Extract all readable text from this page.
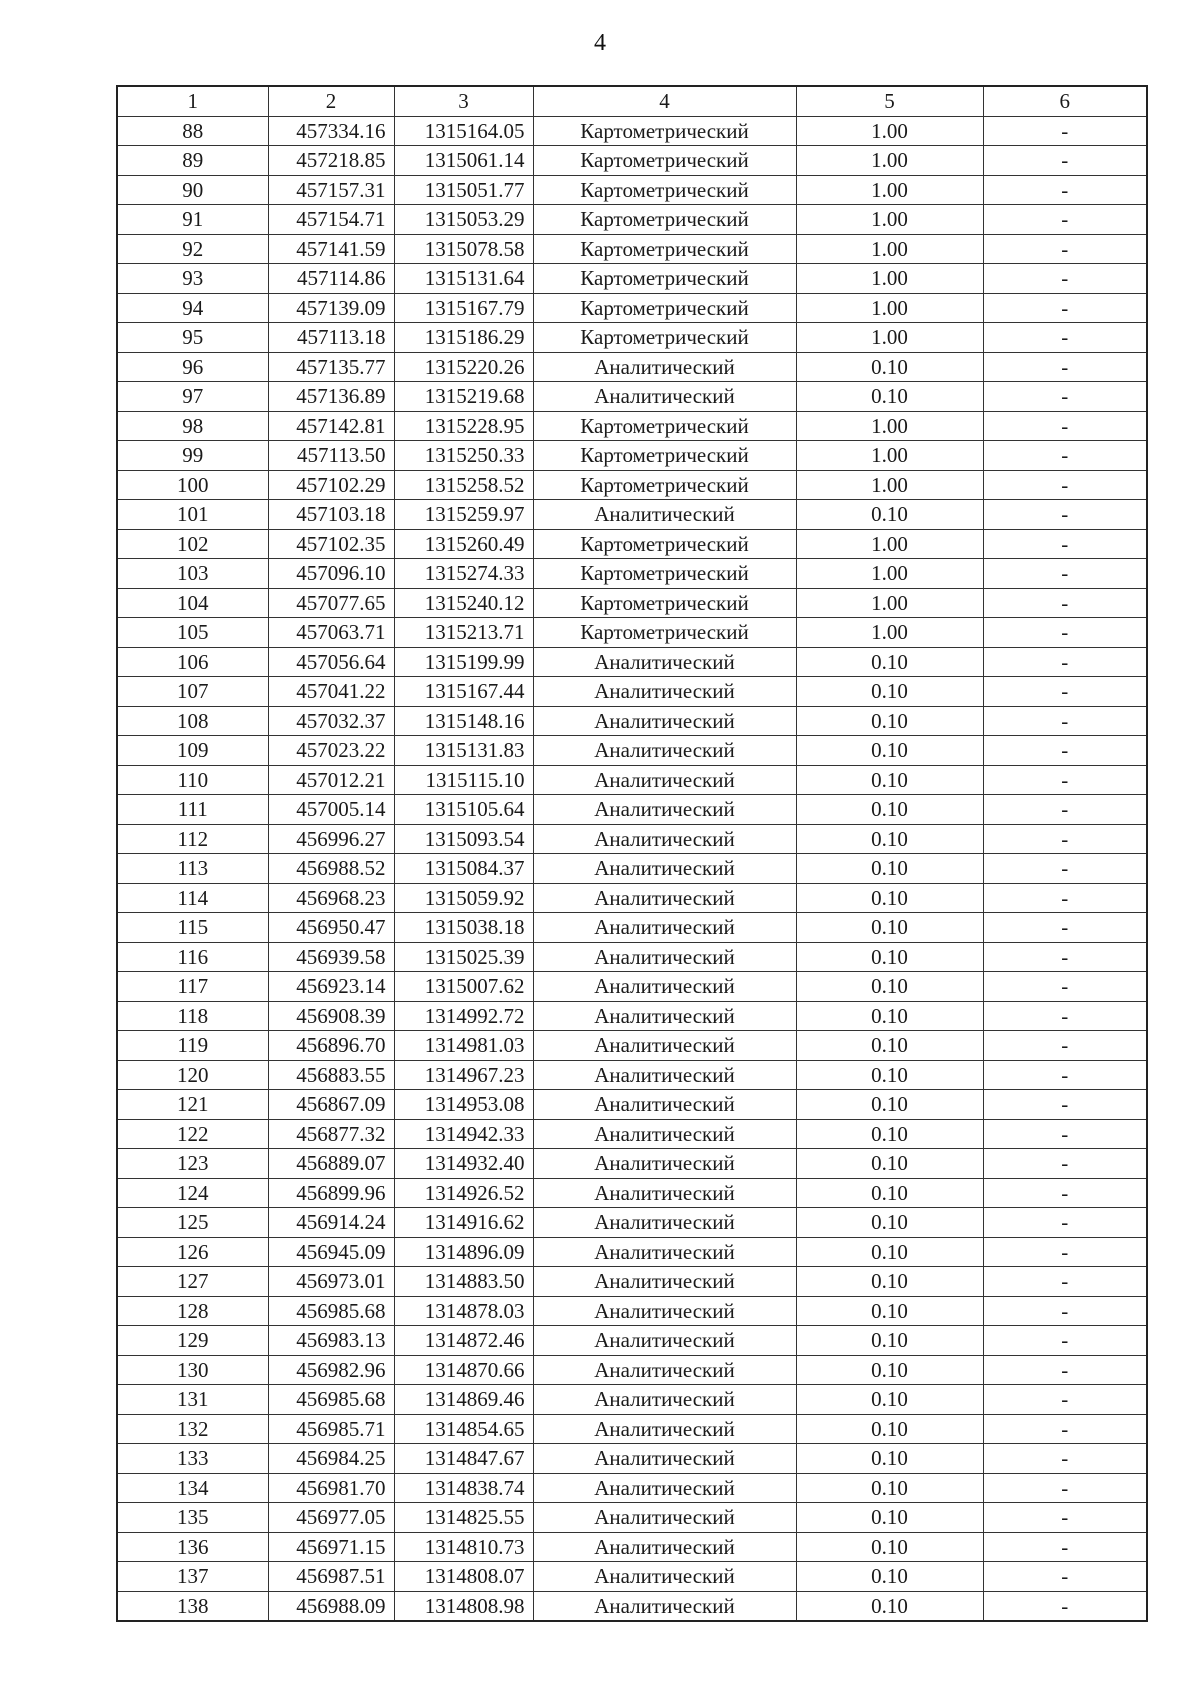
4
1	2	3	4	5	6
88	457334.16	1315164.05	Картометрический	1.00	-
89	457218.85	1315061.14	Картометрический	1.00	-
90	457157.31	1315051.77	Картометрический	1.00	-
91	457154.71	1315053.29	Картометрический	1.00	-
92	457141.59	1315078.58	Картометрический	1.00	-
93	457114.86	1315131.64	Картометрический	1.00	-
94	457139.09	1315167.79	Картометрический	1.00	-
95	457113.18	1315186.29	Картометрический	1.00	-
96	457135.77	1315220.26	Аналитический	0.10	-
97	457136.89	1315219.68	Аналитический	0.10	-
98	457142.81	1315228.95	Картометрический	1.00	-
99	457113.50	1315250.33	Картометрический	1.00	-
100	457102.29	1315258.52	Картометрический	1.00	-
101	457103.18	1315259.97	Аналитический	0.10	-
102	457102.35	1315260.49	Картометрический	1.00	-
103	457096.10	1315274.33	Картометрический	1.00	-
104	457077.65	1315240.12	Картометрический	1.00	-
105	457063.71	1315213.71	Картометрический	1.00	-
106	457056.64	1315199.99	Аналитический	0.10	-
107	457041.22	1315167.44	Аналитический	0.10	-
108	457032.37	1315148.16	Аналитический	0.10	-
109	457023.22	1315131.83	Аналитический	0.10	-
110	457012.21	1315115.10	Аналитический	0.10	-
111	457005.14	1315105.64	Аналитический	0.10	-
112	456996.27	1315093.54	Аналитический	0.10	-
113	456988.52	1315084.37	Аналитический	0.10	-
114	456968.23	1315059.92	Аналитический	0.10	-
115	456950.47	1315038.18	Аналитический	0.10	-
116	456939.58	1315025.39	Аналитический	0.10	-
117	456923.14	1315007.62	Аналитический	0.10	-
118	456908.39	1314992.72	Аналитический	0.10	-
119	456896.70	1314981.03	Аналитический	0.10	-
120	456883.55	1314967.23	Аналитический	0.10	-
121	456867.09	1314953.08	Аналитический	0.10	-
122	456877.32	1314942.33	Аналитический	0.10	-
123	456889.07	1314932.40	Аналитический	0.10	-
124	456899.96	1314926.52	Аналитический	0.10	-
125	456914.24	1314916.62	Аналитический	0.10	-
126	456945.09	1314896.09	Аналитический	0.10	-
127	456973.01	1314883.50	Аналитический	0.10	-
128	456985.68	1314878.03	Аналитический	0.10	-
129	456983.13	1314872.46	Аналитический	0.10	-
130	456982.96	1314870.66	Аналитический	0.10	-
131	456985.68	1314869.46	Аналитический	0.10	-
132	456985.71	1314854.65	Аналитический	0.10	-
133	456984.25	1314847.67	Аналитический	0.10	-
134	456981.70	1314838.74	Аналитический	0.10	-
135	456977.05	1314825.55	Аналитический	0.10	-
136	456971.15	1314810.73	Аналитический	0.10	-
137	456987.51	1314808.07	Аналитический	0.10	-
138	456988.09	1314808.98	Аналитический	0.10	-
